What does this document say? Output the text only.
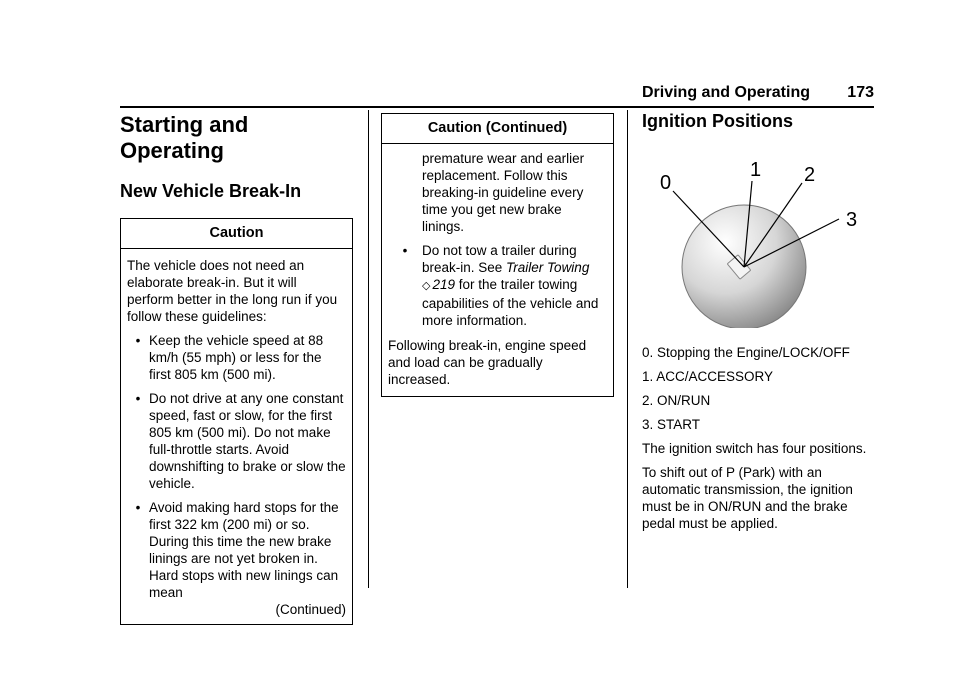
Driving and Operating 173
Starting and
Operating
New Vehicle Break-In
Caution

The vehicle does not need an elaborate break-in. But it will perform better in the long run if you follow these guidelines:

• Keep the vehicle speed at 88 km/h (55 mph) or less for the first 805 km (500 mi).
• Do not drive at any one constant speed, fast or slow, for the first 805 km (500 mi). Do not make full-throttle starts. Avoid downshifting to brake or slow the vehicle.
• Avoid making hard stops for the first 322 km (200 mi) or so. During this time the new brake linings are not yet broken in. Hard stops with new linings can mean
(Continued)
Caution (Continued)

premature wear and earlier replacement. Follow this breaking-in guideline every time you get new brake linings.

•	Do not tow a trailer during break-in. See Trailer Towing
◇ 219 for the trailer towing capabilities of the vehicle and more information.

Following break-in, engine speed and load can be gradually increased.

Ignition Positions
0
1 2
3

0. Stopping the Engine/LOCK/OFF

1. ACC/ACCESSORY

2. ON/RUN

3. START

The ignition switch has four positions.

To shift out of P (Park) with an automatic transmission, the ignition must be in ON/RUN and the brake pedal must be applied.
